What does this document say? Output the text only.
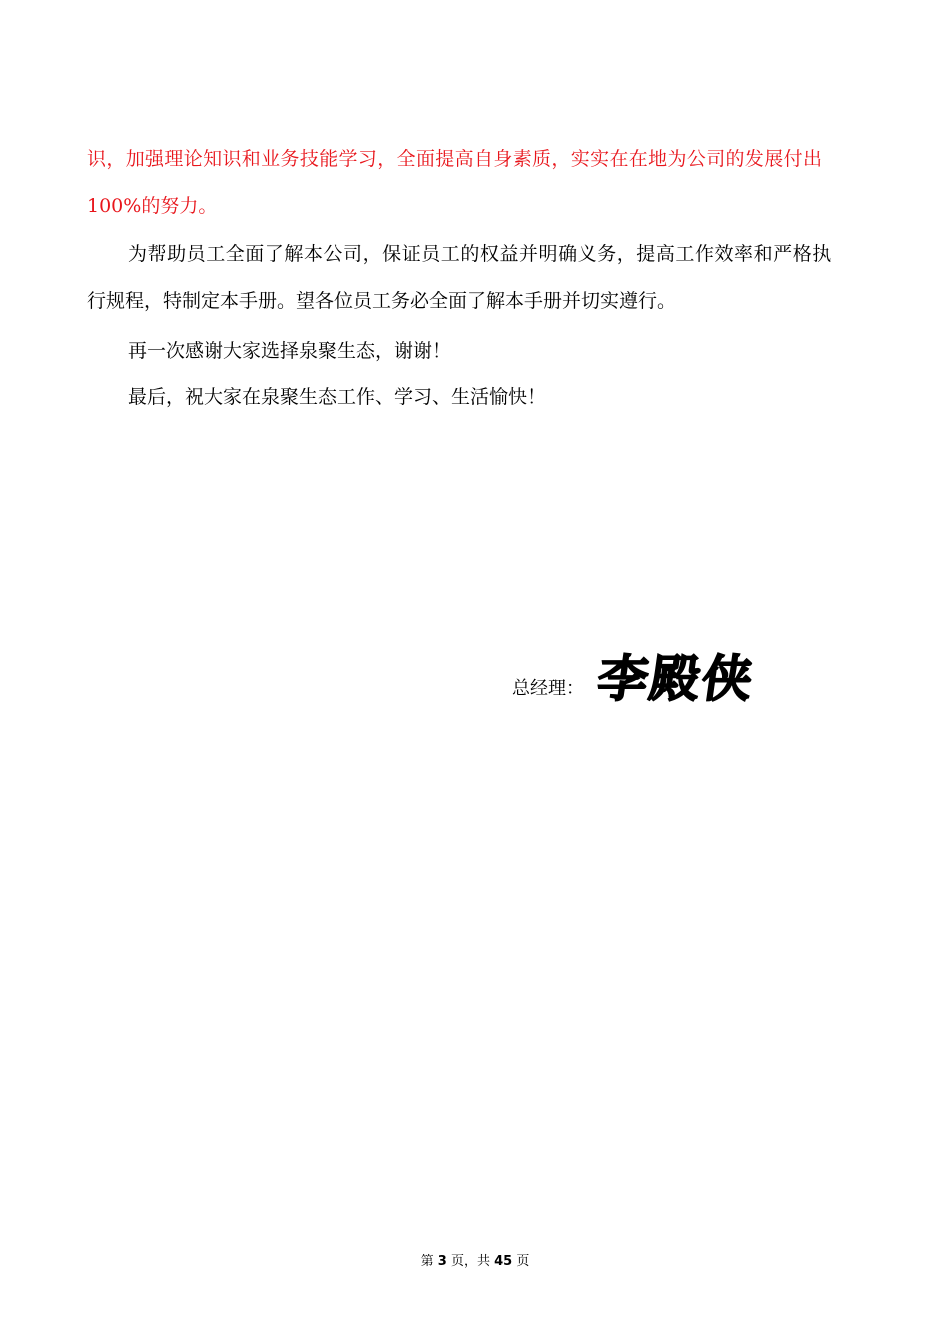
识，加强理论知识和业务技能学习，全面提高自身素质，实实在在地为公司的发展付出
100%的努力。
为帮助员工全面了解本公司，保证员工的权益并明确义务，提高工作效率和严格执
行规程，特制定本手册。望各位员工务必全面了解本手册并切实遵行。
再一次感谢大家选择泉聚生态，谢谢！
最后，祝大家在泉聚生态工作、学习、生活愉快！
总经理： 李殿侠
第 3 页，共 45 页
